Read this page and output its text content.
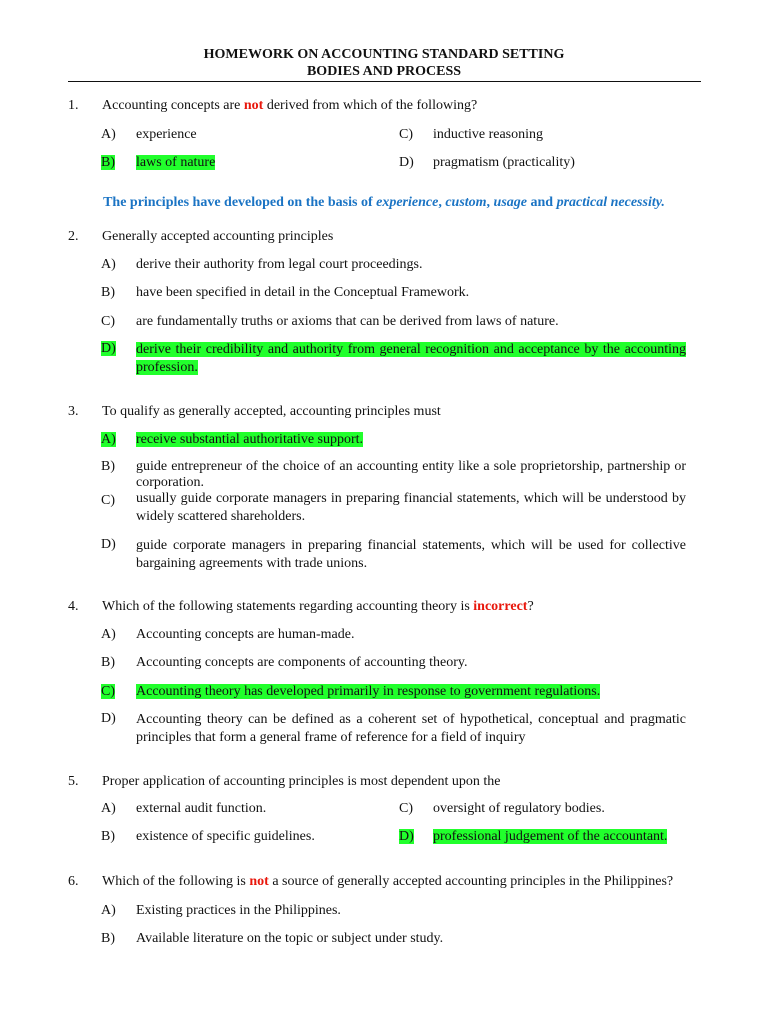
HOMEWORK ON ACCOUNTING STANDARD SETTING
BODIES AND PROCESS
1. Accounting concepts are not derived from which of the following?
A) experience	C) inductive reasoning
B) laws of nature	D) pragmatism (practicality)
The principles have developed on the basis of experience, custom, usage and practical necessity.
2. Generally accepted accounting principles
A) derive their authority from legal court proceedings.
B) have been specified in detail in the Conceptual Framework.
C) are fundamentally truths or axioms that can be derived from laws of nature.
D) derive their credibility and authority from general recognition and acceptance by the accounting profession.
3. To qualify as generally accepted, accounting principles must
A) receive substantial authoritative support.
B) guide entrepreneur of the choice of an accounting entity like a sole proprietorship, partnership or corporation.
C) usually guide corporate managers in preparing financial statements, which will be understood by widely scattered shareholders.
D) guide corporate managers in preparing financial statements, which will be used for collective bargaining agreements with trade unions.
4. Which of the following statements regarding accounting theory is incorrect?
A) Accounting concepts are human-made.
B) Accounting concepts are components of accounting theory.
C) Accounting theory has developed primarily in response to government regulations.
D) Accounting theory can be defined as a coherent set of hypothetical, conceptual and pragmatic principles that form a general frame of reference for a field of inquiry
5. Proper application of accounting principles is most dependent upon the
A) external audit function.	C) oversight of regulatory bodies.
B) existence of specific guidelines.	D) professional judgement of the accountant.
6. Which of the following is not a source of generally accepted accounting principles in the Philippines?
A) Existing practices in the Philippines.
B) Available literature on the topic or subject under study.
